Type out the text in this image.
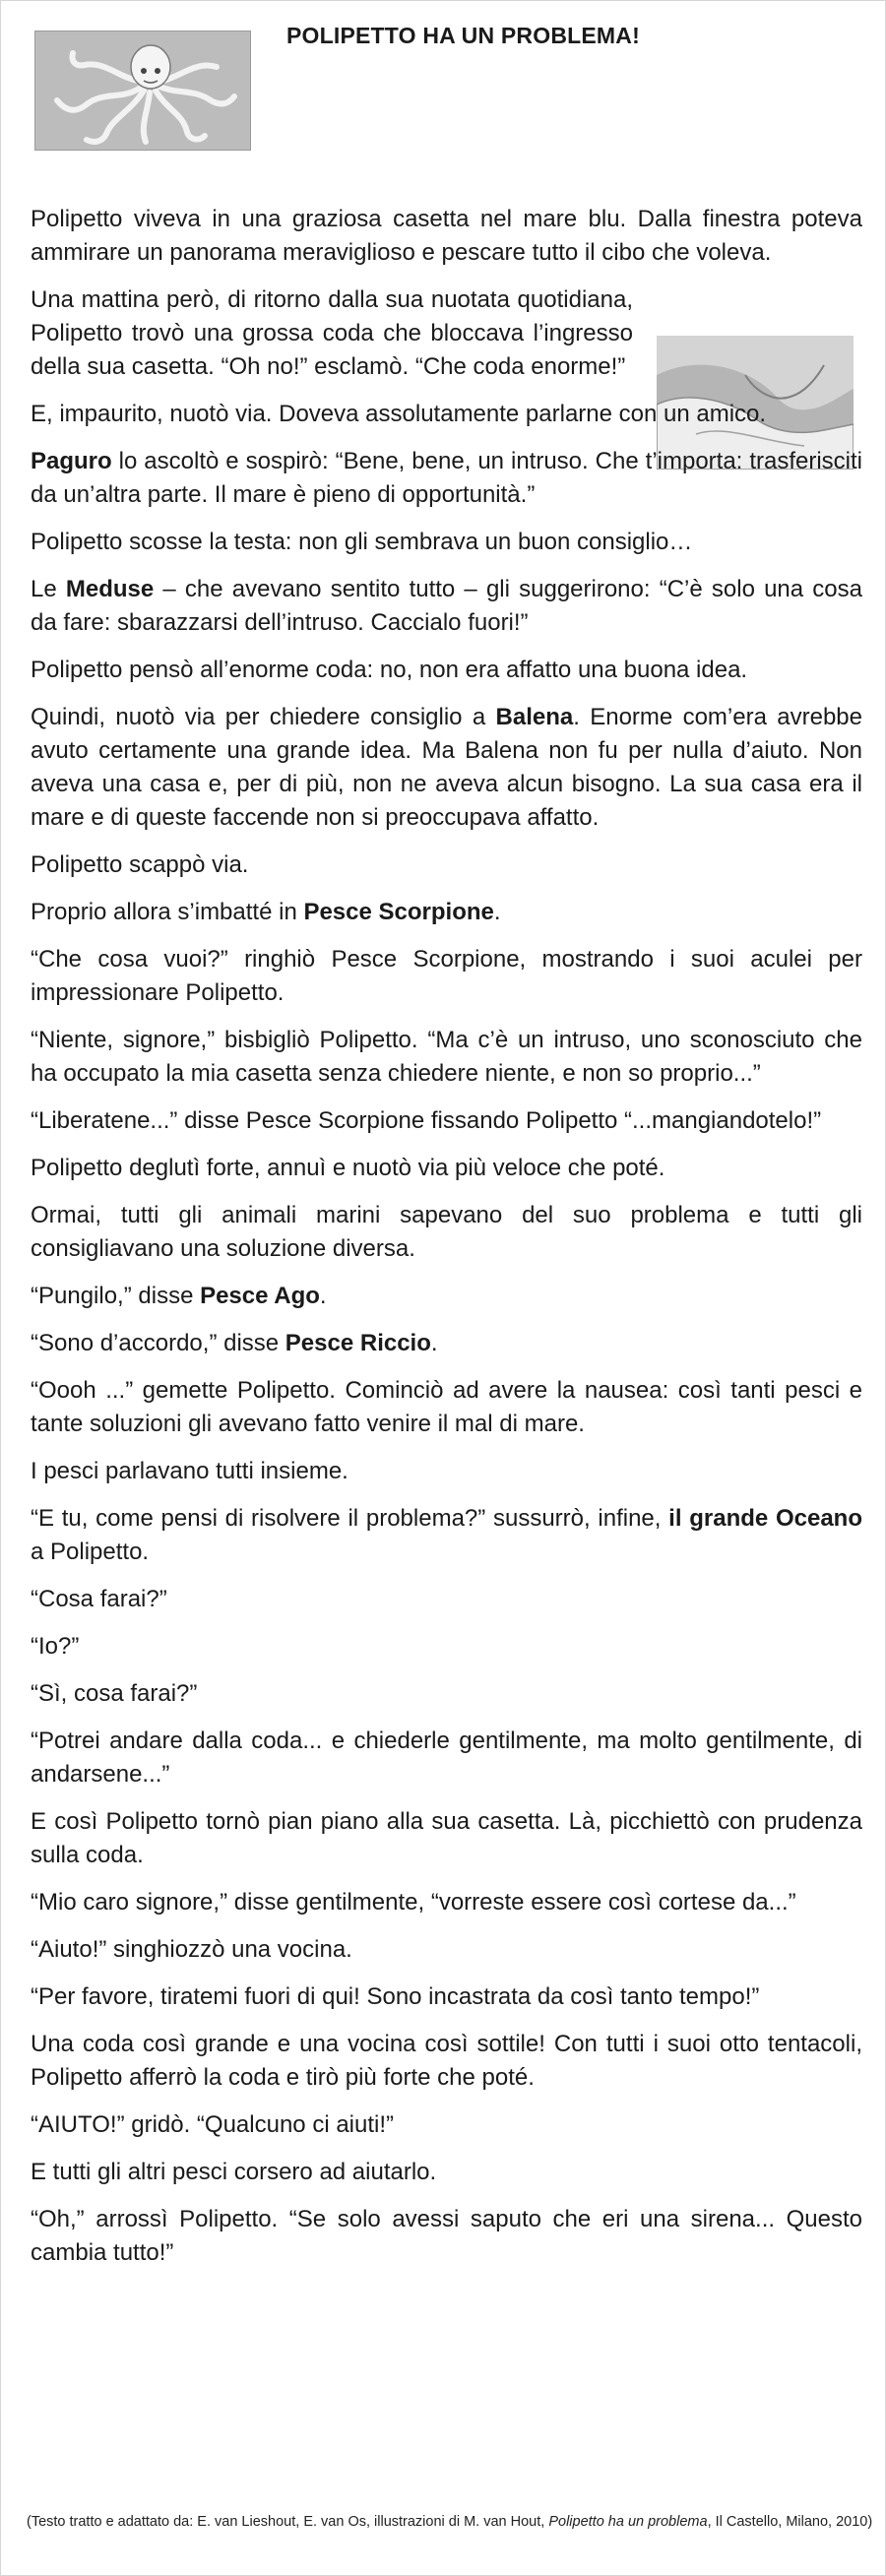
POLIPETTO HA UN PROBLEMA!

Polipetto viveva in una graziosa casetta nel mare blu. Dalla finestra poteva ammirare un panorama meraviglioso e pescare tutto il cibo che voleva.

Una mattina però, di ritorno dalla sua nuotata quotidiana, Polipetto trovò una grossa coda che bloccava l’ingresso della sua casetta. “Oh no!” esclamò. “Che coda enorme!”

E, impaurito, nuotò via. Doveva assolutamente parlarne con un amico.

Paguro lo ascoltò e sospirò: “Bene, bene, un intruso. Che t’importa: trasferisciti da un’altra parte. Il mare è pieno di opportunità.”

Polipetto scosse la testa: non gli sembrava un buon consiglio…

Le Meduse – che avevano sentito tutto – gli suggerirono: “C’è solo una cosa da fare: sbarazzarsi dell’intruso. Caccialo fuori!”

Polipetto pensò all’enorme coda: no, non era affatto una buona idea.

Quindi, nuotò via per chiedere consiglio a Balena. Enorme com’era avrebbe avuto certamente una grande idea. Ma Balena non fu per nulla d’aiuto. Non aveva una casa e, per di più, non ne aveva alcun bisogno. La sua casa era il mare e di queste faccende non si preoccupava affatto.

Polipetto scappò via.

Proprio allora s’imbatté in Pesce Scorpione.

“Che cosa vuoi?” ringhiò Pesce Scorpione, mostrando i suoi aculei per impressionare Polipetto.

“Niente, signore,” bisbigliò Polipetto. “Ma c’è un intruso, uno sconosciuto che ha occupato la mia casetta senza chiedere niente, e non so proprio...”

“Liberatene...” disse Pesce Scorpione fissando Polipetto “...mangiandotelo!”

Polipetto deglutì forte, annuì e nuotò via più veloce che poté.

Ormai, tutti gli animali marini sapevano del suo problema e tutti gli consigliavano una soluzione diversa.

“Pungilo,” disse Pesce Ago.

“Sono d’accordo,” disse Pesce Riccio.

“Oooh ...” gemette Polipetto. Cominciò ad avere la nausea: così tanti pesci e tante soluzioni gli avevano fatto venire il mal di mare.

I pesci parlavano tutti insieme.

“E tu, come pensi di risolvere il problema?” sussurrò, infine, il grande Oceano a Polipetto.

“Cosa farai?”

“Io?”

“Sì, cosa farai?”

“Potrei andare dalla coda... e chiederle gentilmente, ma molto gentilmente, di andarsene...”

E così Polipetto tornò pian piano alla sua casetta. Là, picchiettò con prudenza sulla coda.

“Mio caro signore,” disse gentilmente, “vorreste essere così cortese da...”

“Aiuto!” singhiozzò una vocina.

“Per favore, tiratemi fuori di qui! Sono incastrata da così tanto tempo!”

Una coda così grande e una vocina così sottile! Con tutti i suoi otto tentacoli, Polipetto afferrò la coda e tirò più forte che poté.

“AIUTO!” gridò. “Qualcuno ci aiuti!”

E tutti gli altri pesci corsero ad aiutarlo.

“Oh,” arrossì Polipetto. “Se solo avessi saputo che eri una sirena... Questo cambia tutto!”

(Testo tratto e adattato da: E. van Lieshout, E. van Os, illustrazioni di M. van Hout, Polipetto ha un problema, Il Castello, Milano, 2010)
